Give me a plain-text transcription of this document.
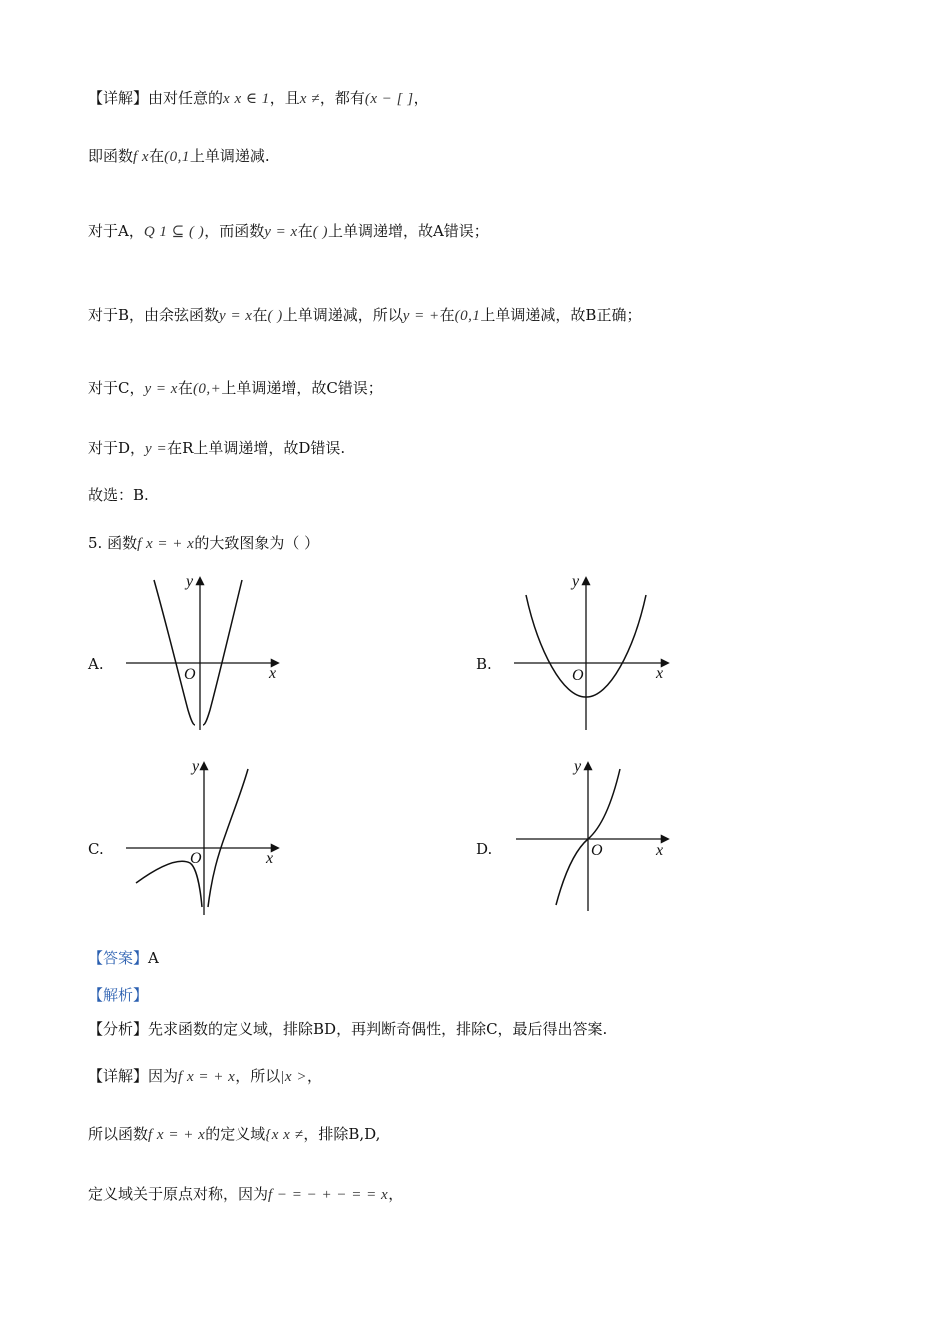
【详解】由对任意的x x ∈ 1，且x ≠，都有(x − [ ]，
即函数f x在(0,1上单调递减.
对于A，Q 1 ⊆ ( )，而函数y = x在( )上单调递增，故A错误；
对于B，由余弦函数y = x在( )上单调递减，所以y = +在(0,1上单调递减，故B正确；
对于C，y = x在(0,+上单调递增，故C错误；
对于D，y =在R上单调递增，故D错误.
故选：B.
5. 函数f x = + x的大致图象为（ ）
A.
x
y
O
B.
x
y
O
C.
x
y
O
D.	x
y
O
【答案】A
【解析】
【分析】先求函数的定义域，排除BD，再判断奇偶性，排除C，最后得出答案.
【详解】因为f x = + x，所以|x >，
所以函数f x = + x的定义域{x x ≠，排除B,D,
定义域关于原点对称，因为f − = − + − = = x，
